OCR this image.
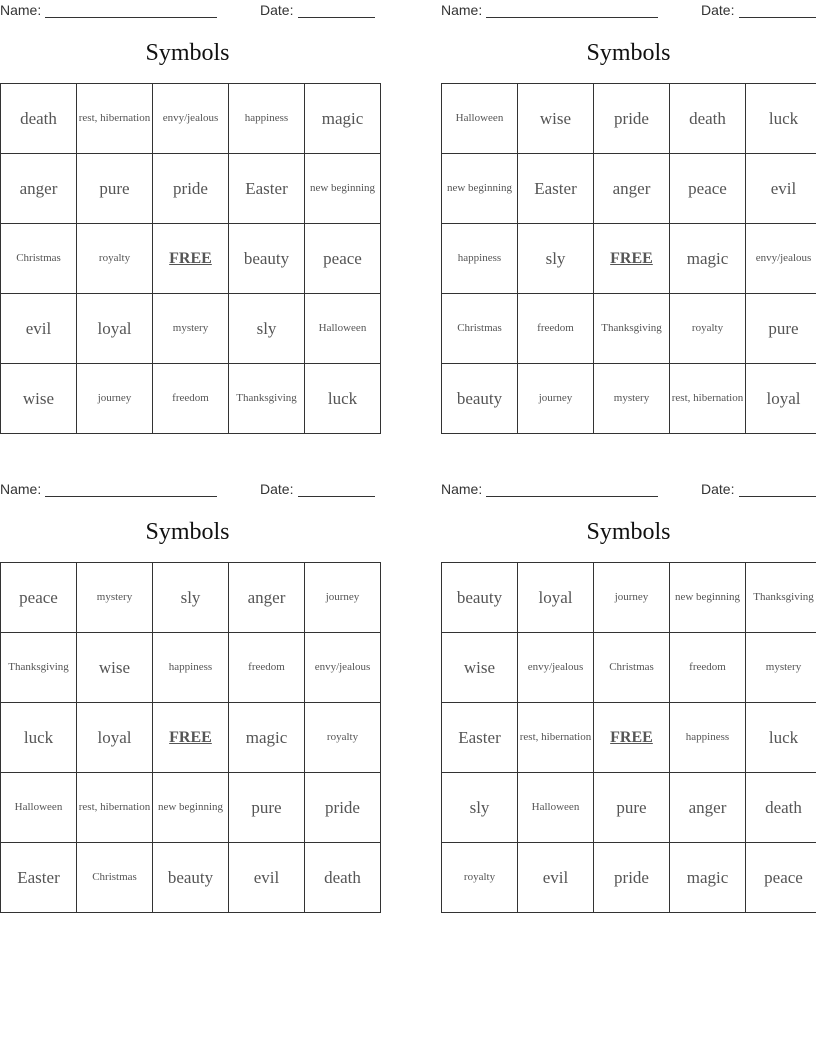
Name:	Date:
Symbols
death	rest, hibernation	envy/jealous	happiness	magic
anger	pure	pride	Easter	new beginning
Christmas	royalty	FREE	beauty	peace
evil	loyal	mystery	sly	Halloween
wise	journey	freedom	Thanksgiving	luck
Name:	Date:
Symbols
Halloween	wise	pride	death	luck
new beginning	Easter	anger	peace	evil
happiness	sly	FREE	magic	envy/jealous
Christmas	freedom	Thanksgiving	royalty	pure
beauty	journey	mystery	rest, hibernation	loyal
Name:	Date:
Symbols
peace	mystery	sly	anger	journey
Thanksgiving	wise	happiness	freedom	envy/jealous
luck	loyal	FREE	magic	royalty
Halloween	rest, hibernation	new beginning	pure	pride
Easter	Christmas	beauty	evil	death
Name:	Date:
Symbols
beauty	loyal	journey	new beginning	Thanksgiving
wise	envy/jealous	Christmas	freedom	mystery
Easter	rest, hibernation	FREE	happiness	luck
sly	Halloween	pure	anger	death
royalty	evil	pride	magic	peace
